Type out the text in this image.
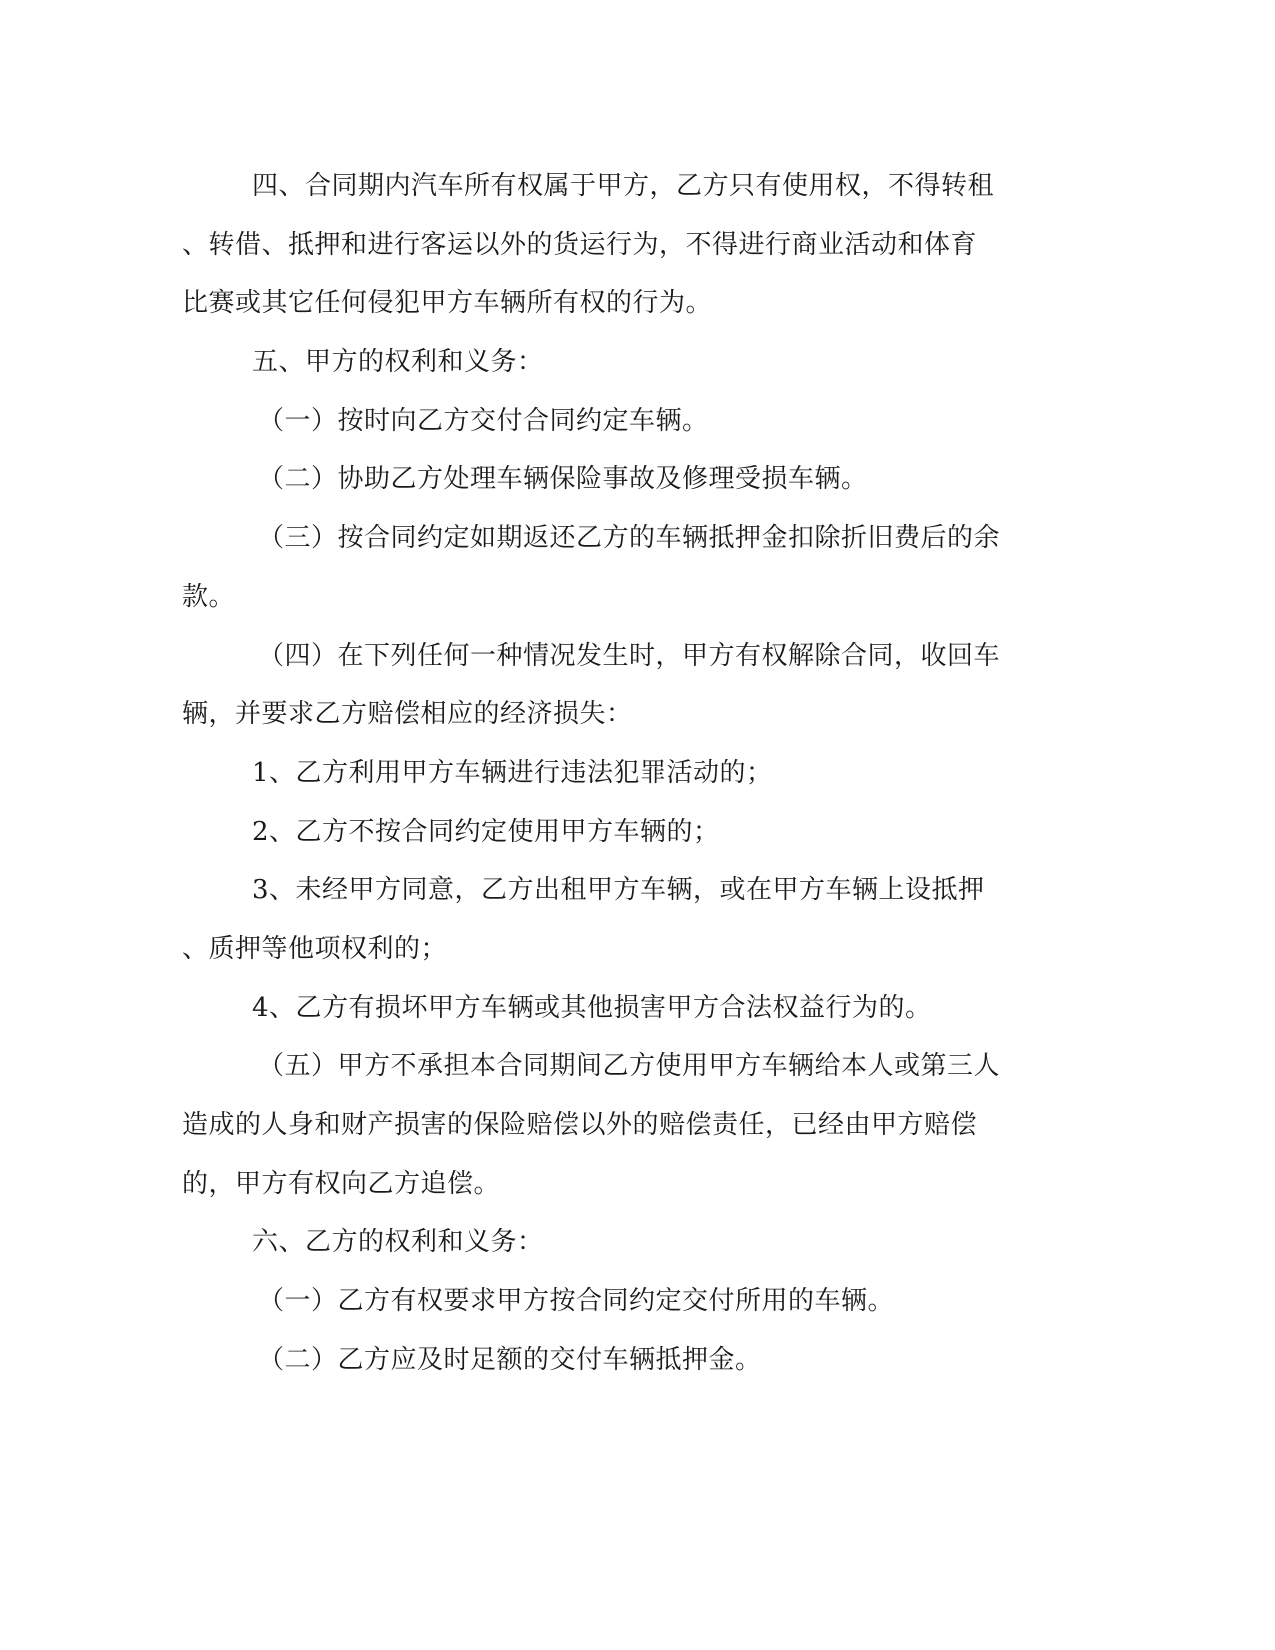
四、合同期内汽车所有权属于甲方，乙方只有使用权，不得转租
、转借、抵押和进行客运以外的货运行为，不得进行商业活动和体育
比赛或其它任何侵犯甲方车辆所有权的行为。
五、甲方的权利和义务：
（一）按时向乙方交付合同约定车辆。
（二）协助乙方处理车辆保险事故及修理受损车辆。
（三）按合同约定如期返还乙方的车辆抵押金扣除折旧费后的余
款。
（四）在下列任何一种情况发生时，甲方有权解除合同，收回车
辆，并要求乙方赔偿相应的经济损失：
1、乙方利用甲方车辆进行违法犯罪活动的；
2、乙方不按合同约定使用甲方车辆的；
3、未经甲方同意，乙方出租甲方车辆，或在甲方车辆上设抵押
、质押等他项权利的；
4、乙方有损坏甲方车辆或其他损害甲方合法权益行为的。
（五）甲方不承担本合同期间乙方使用甲方车辆给本人或第三人
造成的人身和财产损害的保险赔偿以外的赔偿责任，已经由甲方赔偿
的，甲方有权向乙方追偿。
六、乙方的权利和义务：
（一）乙方有权要求甲方按合同约定交付所用的车辆。
（二）乙方应及时足额的交付车辆抵押金。
